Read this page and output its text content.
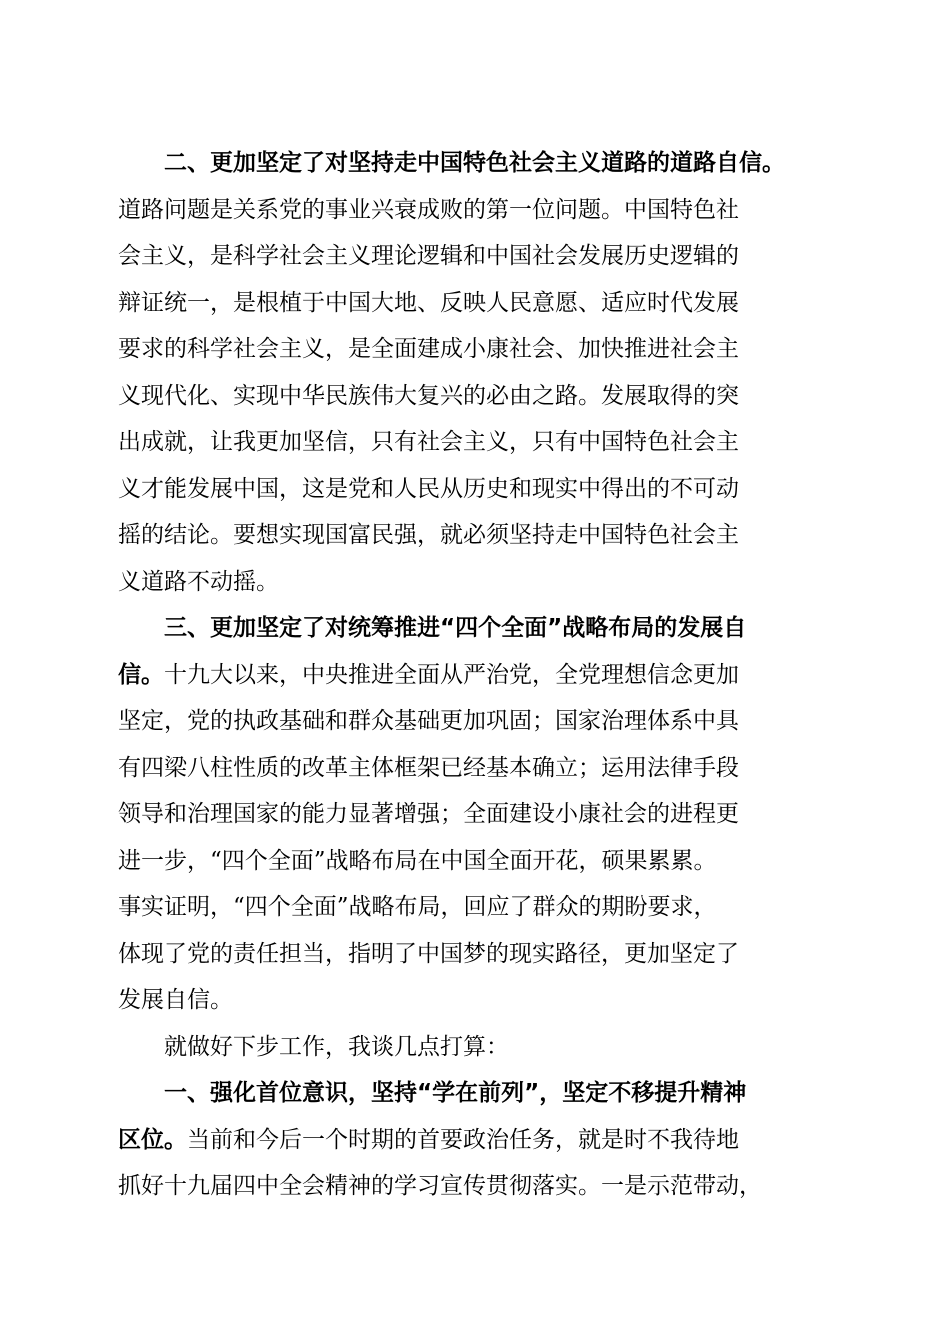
二、更加坚定了对坚持走中国特色社会主义道路的道路自信。
道路问题是关系党的事业兴衰成败的第一位问题。中国特色社
会主义，是科学社会主义理论逻辑和中国社会发展历史逻辑的
辩证统一，是根植于中国大地、反映人民意愿、适应时代发展
要求的科学社会主义，是全面建成小康社会、加快推进社会主
义现代化、实现中华民族伟大复兴的必由之路。发展取得的突
出成就，让我更加坚信，只有社会主义，只有中国特色社会主
义才能发展中国，这是党和人民从历史和现实中得出的不可动
摇的结论。要想实现国富民强，就必须坚持走中国特色社会主
义道路不动摇。
三、更加坚定了对统筹推进“四个全面”战略布局的发展自
信。 十九大以来，中央推进全面从严治党，全党理想信念更加
坚定，党的执政基础和群众基础更加巩固；国家治理体系中具
有四梁八柱性质的改革主体框架已经基本确立；运用法律手段
领导和治理国家的能力显著增强；全面建设小康社会的进程更
进一步，“四个全面”战略布局在中国全面开花，硕果累累。
事实证明，“四个全面”战略布局，回应了群众的期盼要求，
体现了党的责任担当，指明了中国梦的现实路径，更加坚定了
发展自信。
就做好下步工作，我谈几点打算：
一、强化首位意识，坚持“学在前列”，坚定不移提升精神
区位。 当前和今后一个时期的首要政治任务，就是时不我待地
抓好十九届四中全会精神的学习宣传贯彻落实。一是示范带动，
